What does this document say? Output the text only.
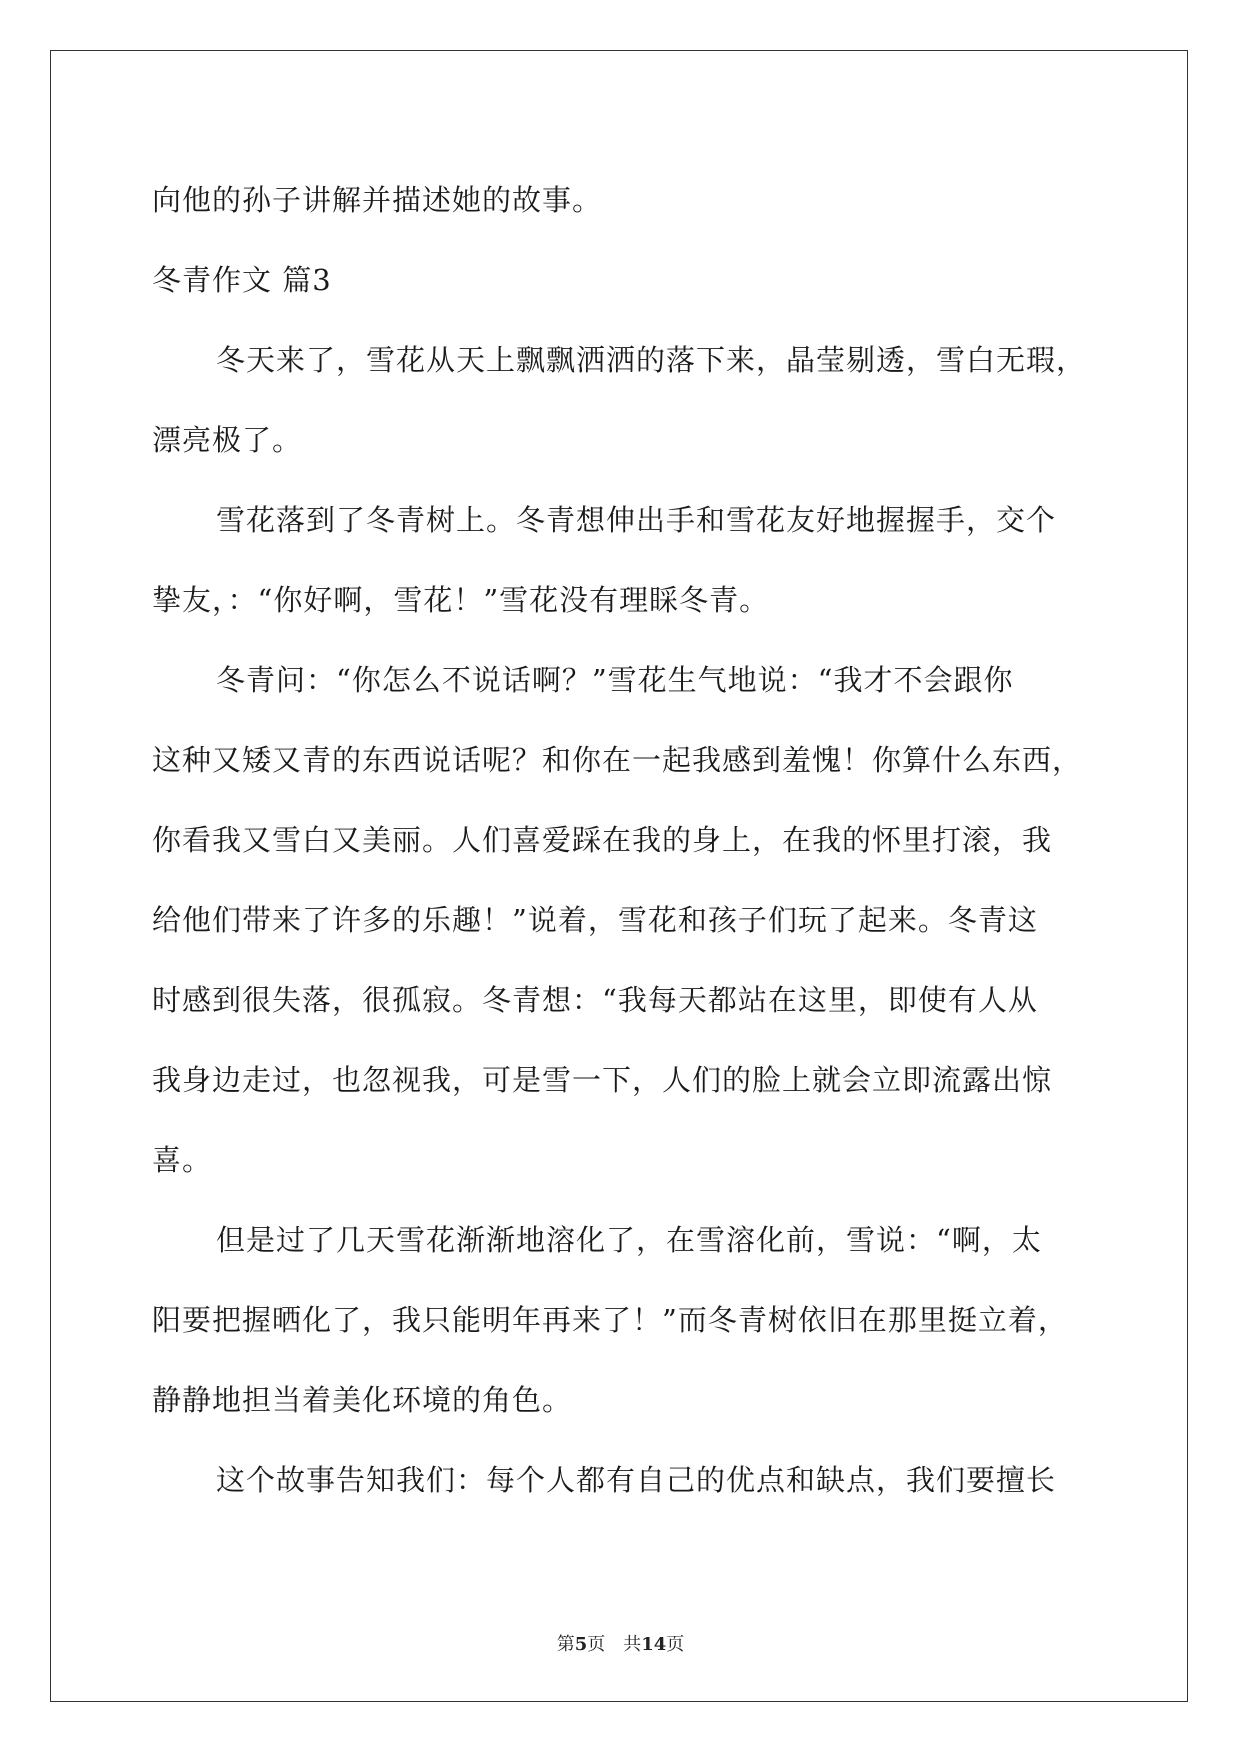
向他的孙子讲解并描述她的故事。
冬青作文 篇3
冬天来了，雪花从天上飘飘洒洒的落下来，晶莹剔透，雪白无瑕，
漂亮极了。
雪花落到了冬青树上。冬青想伸出手和雪花友好地握握手，交个
挚友，：“你好啊，雪花！”雪花没有理睬冬青。
冬青问：“你怎么不说话啊？”雪花生气地说：“我才不会跟你
这种又矮又青的东西说话呢？和你在一起我感到羞愧！你算什么东西，
你看我又雪白又美丽。人们喜爱踩在我的身上，在我的怀里打滚，我
给他们带来了许多的乐趣！”说着，雪花和孩子们玩了起来。冬青这
时感到很失落，很孤寂。冬青想：“我每天都站在这里，即使有人从
我身边走过，也忽视我，可是雪一下，人们的脸上就会立即流露出惊
喜。
但是过了几天雪花渐渐地溶化了，在雪溶化前，雪说：“啊，太
阳要把握晒化了，我只能明年再来了！”而冬青树依旧在那里挺立着，
静静地担当着美化环境的角色。
这个故事告知我们：每个人都有自己的优点和缺点，我们要擅长
第5页　共14页
